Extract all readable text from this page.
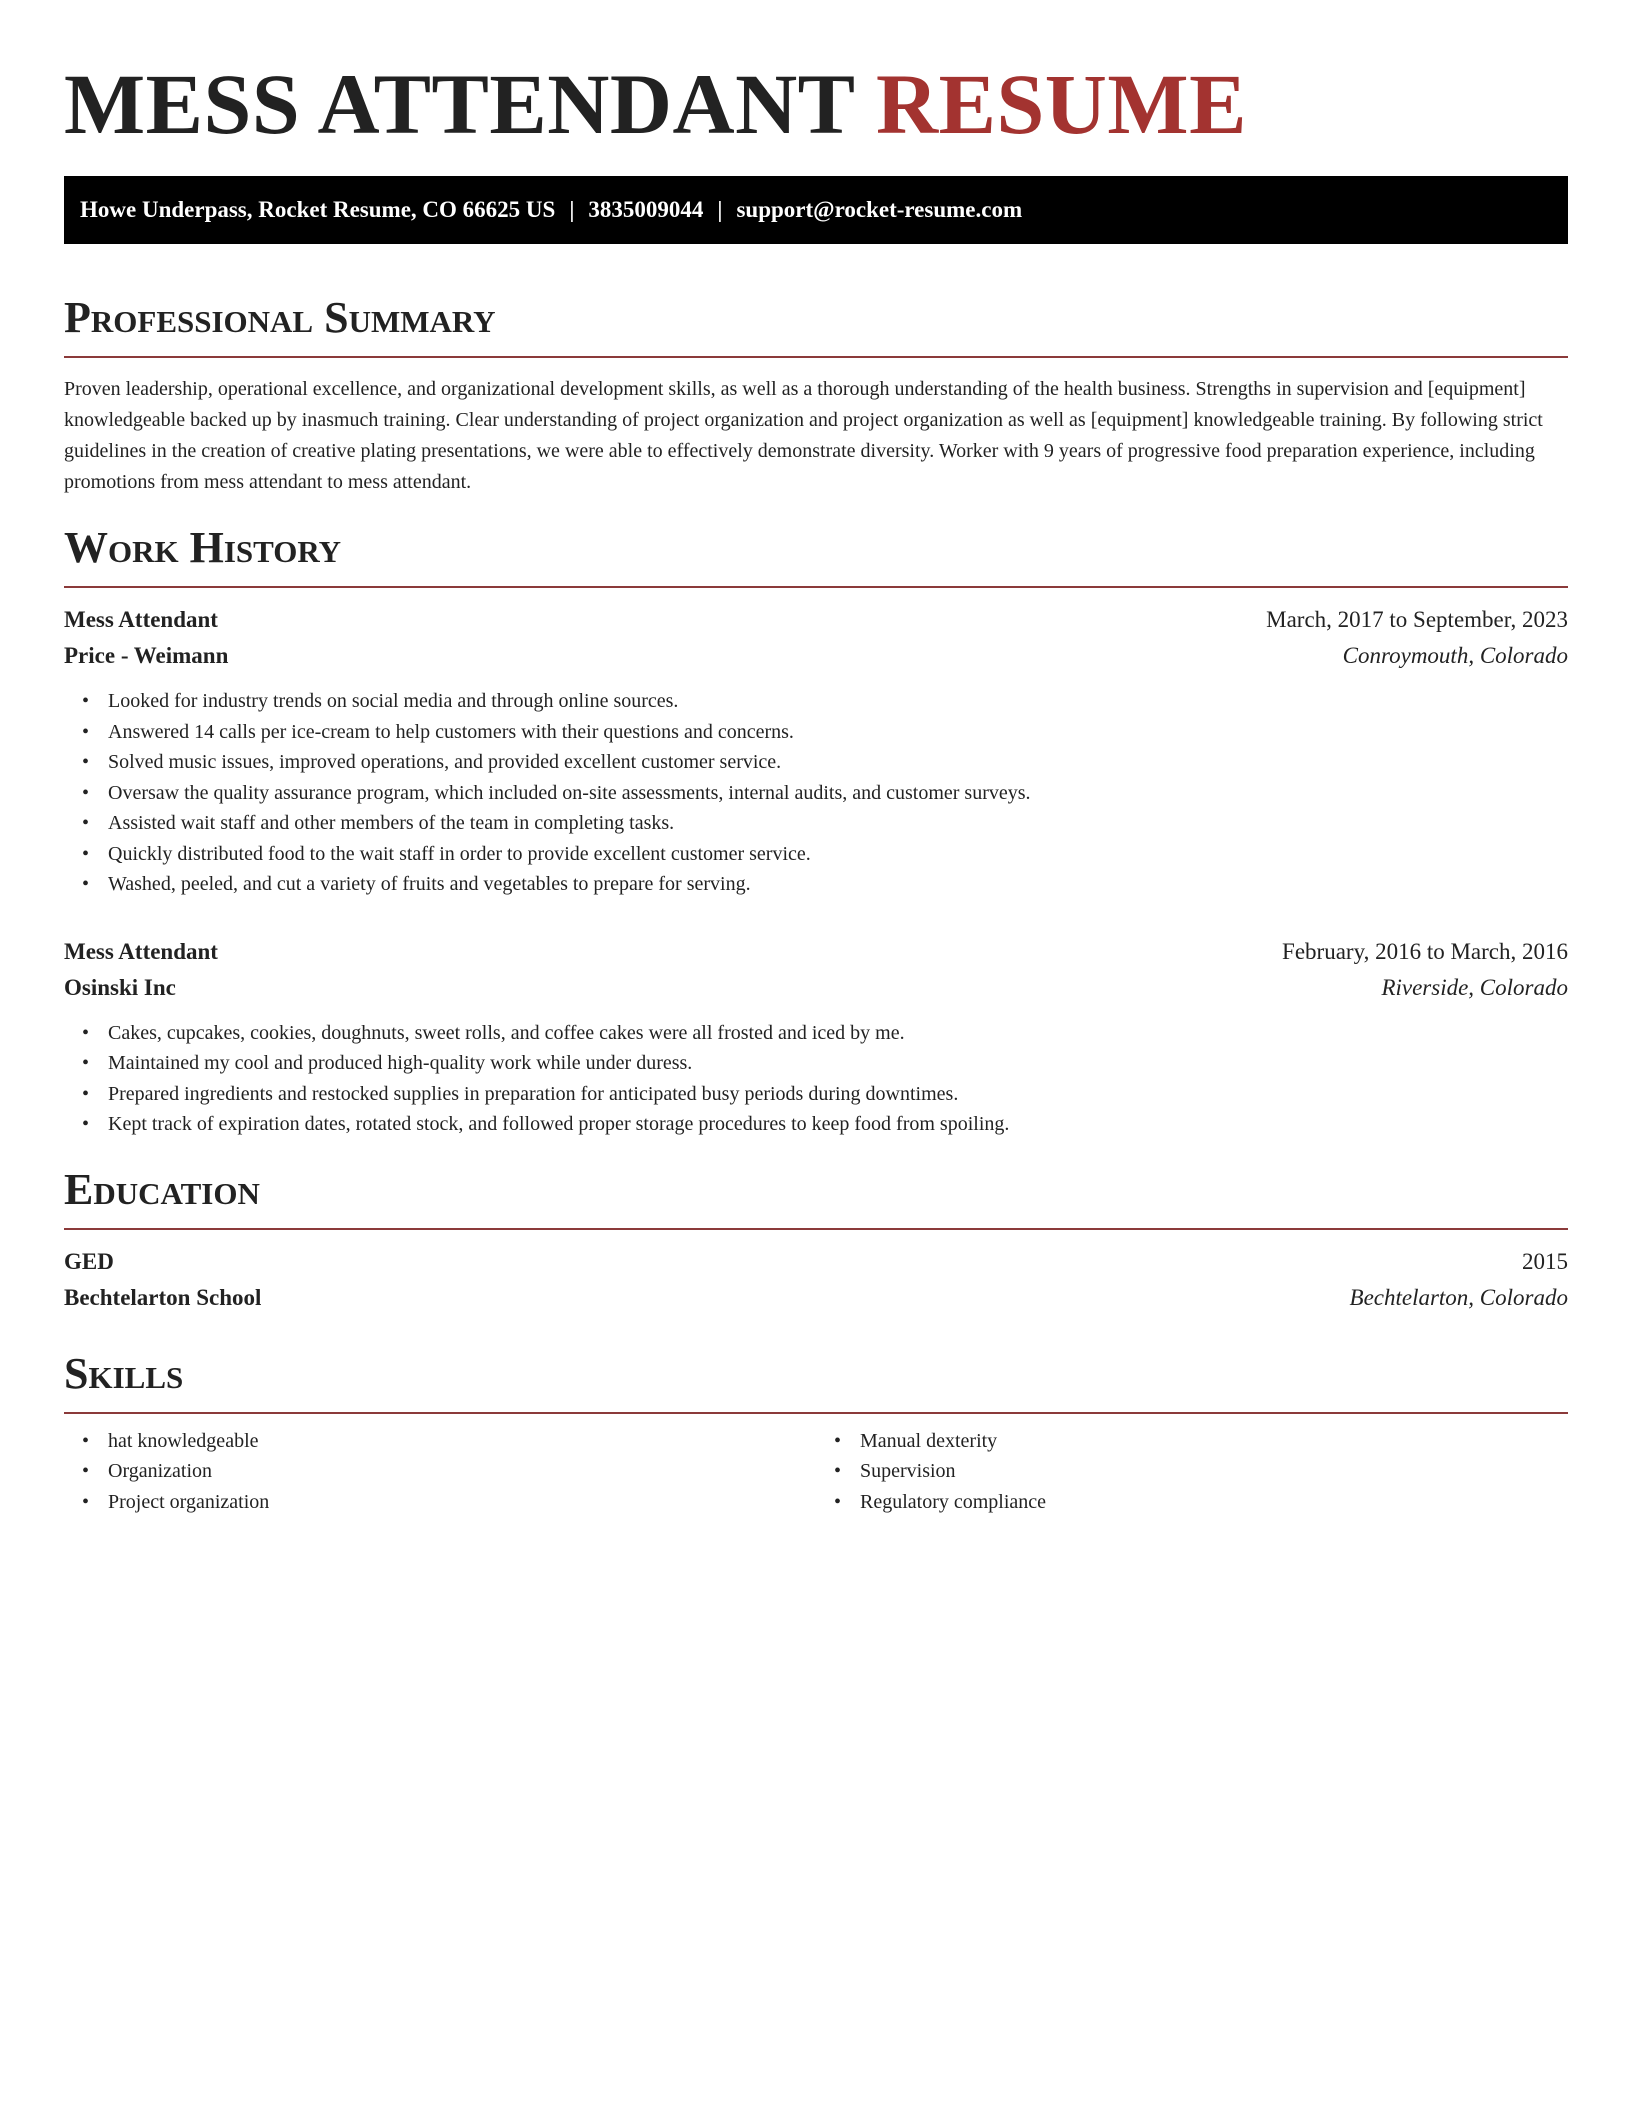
MESS ATTENDANT RESUME
Howe Underpass, Rocket Resume, CO 66625 US | 3835009044 | support@rocket-resume.com
Professional Summary

Proven leadership, operational excellence, and organizational development skills, as well as a thorough understanding of the health business. Strengths in supervision and [equipment] knowledgeable backed up by inasmuch training. Clear understanding of project organization and project organization as well as [equipment] knowledgeable training. By following strict guidelines in the creation of creative plating presentations, we were able to effectively demonstrate diversity. Worker with 9 years of progressive food preparation experience, including promotions from mess attendant to mess attendant.

Work History
Mess Attendant	March, 2017 to September, 2023
Price - Weimann	Conroymouth, Colorado
• Looked for industry trends on social media and through online sources.
• Answered 14 calls per ice-cream to help customers with their questions and concerns.
• Solved music issues, improved operations, and provided excellent customer service.
• Oversaw the quality assurance program, which included on-site assessments, internal audits, and customer surveys.
• Assisted wait staff and other members of the team in completing tasks.
• Quickly distributed food to the wait staff in order to provide excellent customer service.
• Washed, peeled, and cut a variety of fruits and vegetables to prepare for serving.
Mess Attendant	February, 2016 to March, 2016
Osinski Inc	Riverside, Colorado
• Cakes, cupcakes, cookies, doughnuts, sweet rolls, and coffee cakes were all frosted and iced by me.
• Maintained my cool and produced high-quality work while under duress.
• Prepared ingredients and restocked supplies in preparation for anticipated busy periods during downtimes.
• Kept track of expiration dates, rotated stock, and followed proper storage procedures to keep food from spoiling.
Education
GED	2015
Bechtelarton School	Bechtelarton, Colorado
Skills
• hat knowledgeable
• Organization
• Project organization
• Manual dexterity
• Supervision
• Regulatory compliance
